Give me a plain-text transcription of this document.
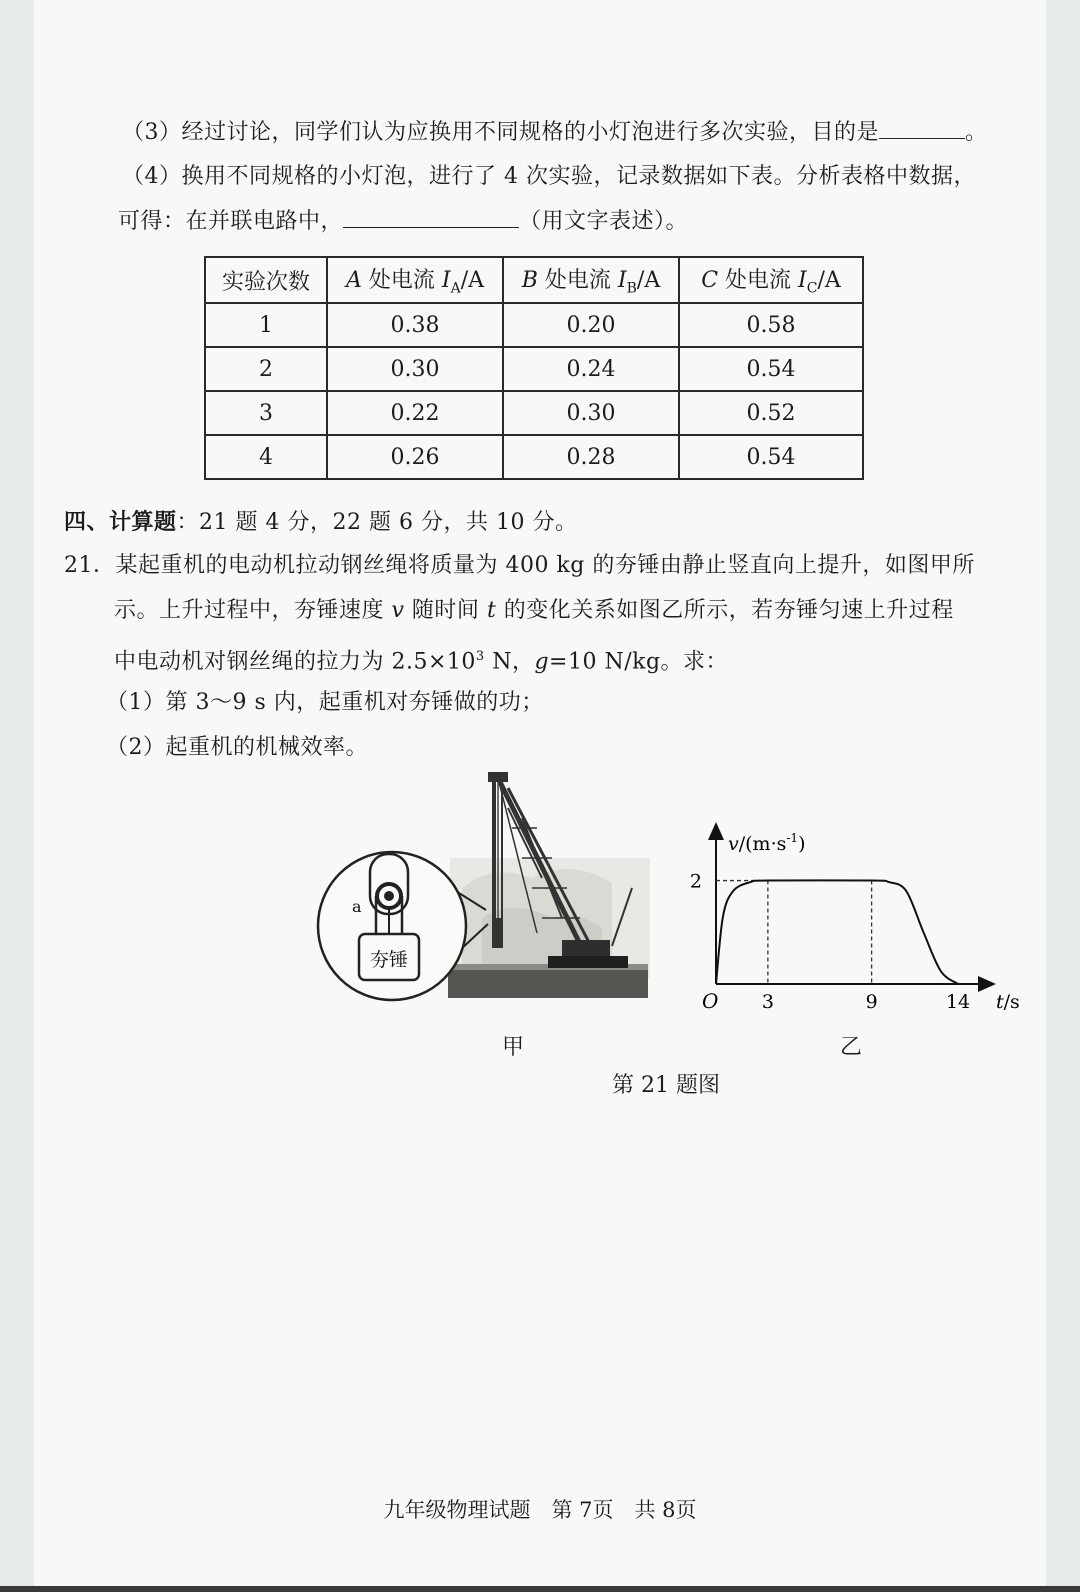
（3）经过讨论，同学们认为应换用不同规格的小灯泡进行多次实验，目的是	。
（4）换用不同规格的小灯泡，进行了 4 次实验，记录数据如下表。分析表格中数据，
可得：在并联电路中，	（用文字表述）。
实验次数	A 处电流 $I_A/A$	B 处电流 $I_B/A$	C 处电流 $I_C/A$
1	0.38	0.20	0.58
2	0.30	0.24	0.54
3	0.22	0.30	0.52
4	0.26	0.28	0.54
四、计算题：21 题 4 分，22 题 6 分，共 10 分。
21．某起重机的电动机拉动钢丝绳将质量为 400 kg 的夯锤由静止竖直向上提升，如图甲所
示。上升过程中，夯锤速度 v 随时间 t 的变化关系如图乙所示，若夯锤匀速上升过程
中电动机对钢丝绳的拉力为 $2.5\times 10^3$ N，g=10 N/kg。求：
（1）第 3～9 s 内，起重机对夯锤做的功；
（2）起重机的机械效率。
a
夯锤
甲
3	9	14
2
$v/(m\cdot s^{-1})$
O	t/s
乙
第 21 题图
九年级物理试题　第 7页　共 8页
